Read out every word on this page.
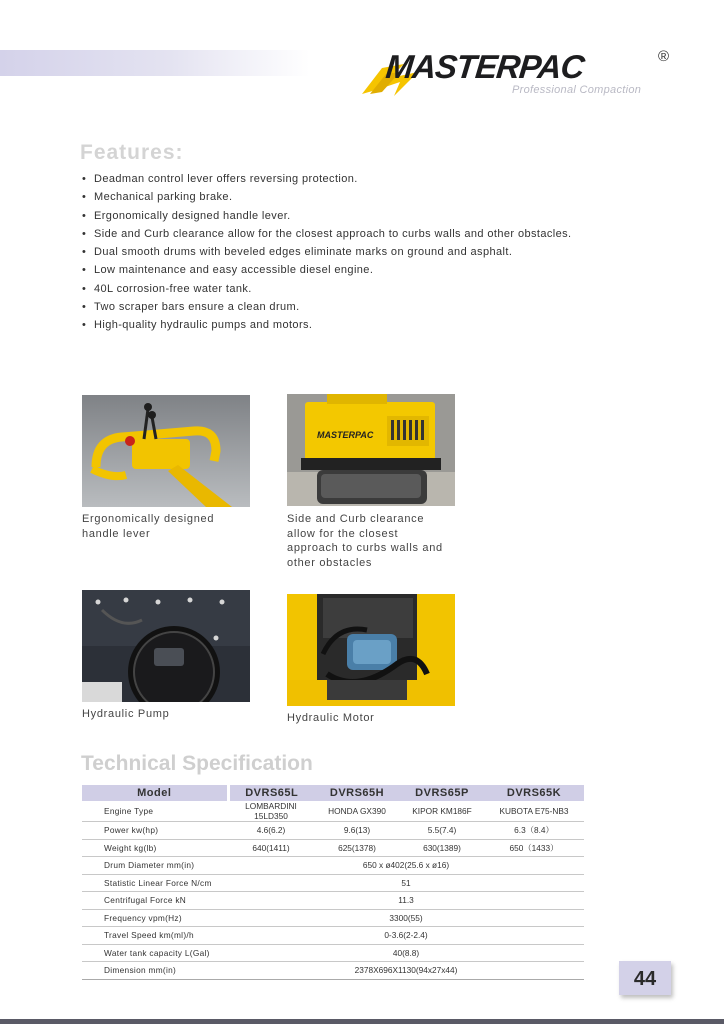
MASTERPAC	®
Professional Compaction
Features:
• Deadman control lever offers reversing protection.
• Mechanical parking brake.
• Ergonomically designed handle lever.
• Side and Curb clearance allow for the closest approach to curbs walls and other obstacles.
• Dual smooth drums with beveled edges eliminate marks on ground and asphalt.
• Low maintenance and easy accessible diesel engine.
• 40L corrosion-free water tank.
• Two scraper bars ensure a clean drum.
• High-quality hydraulic pumps and motors.
Ergonomically designed handle lever
MASTERPAC
Side and Curb clearance allow for the closest approach to curbs walls and other obstacles
Hydraulic Pump	Hydraulic Motor
Technical Specification
Model	DVRS65L	DVRS65H	DVRS65P	DVRS65K
Engine Type	LOMBARDINI 15LD350	HONDA GX390	KIPOR KM186F	KUBOTA E75-NB3
Power kw(hp)	4.6(6.2)	9.6(13)	5.5(7.4)	6.3（8.4）
Weight kg(lb)	640(1411)	625(1378)	630(1389)	650（1433）
Drum Diameter mm(in)	650 x ø402(25.6 x ø16)			
Statistic Linear Force N/cm	51			
Centrifugal Force kN	11.3			
Frequency vpm(Hz)	3300(55)			
Travel Speed km(ml)/h	0-3.6(2-2.4)			
Water tank capacity L(Gal)	40(8.8)			
Dimension mm(in)	2378X696X1130(94x27x44)				44
